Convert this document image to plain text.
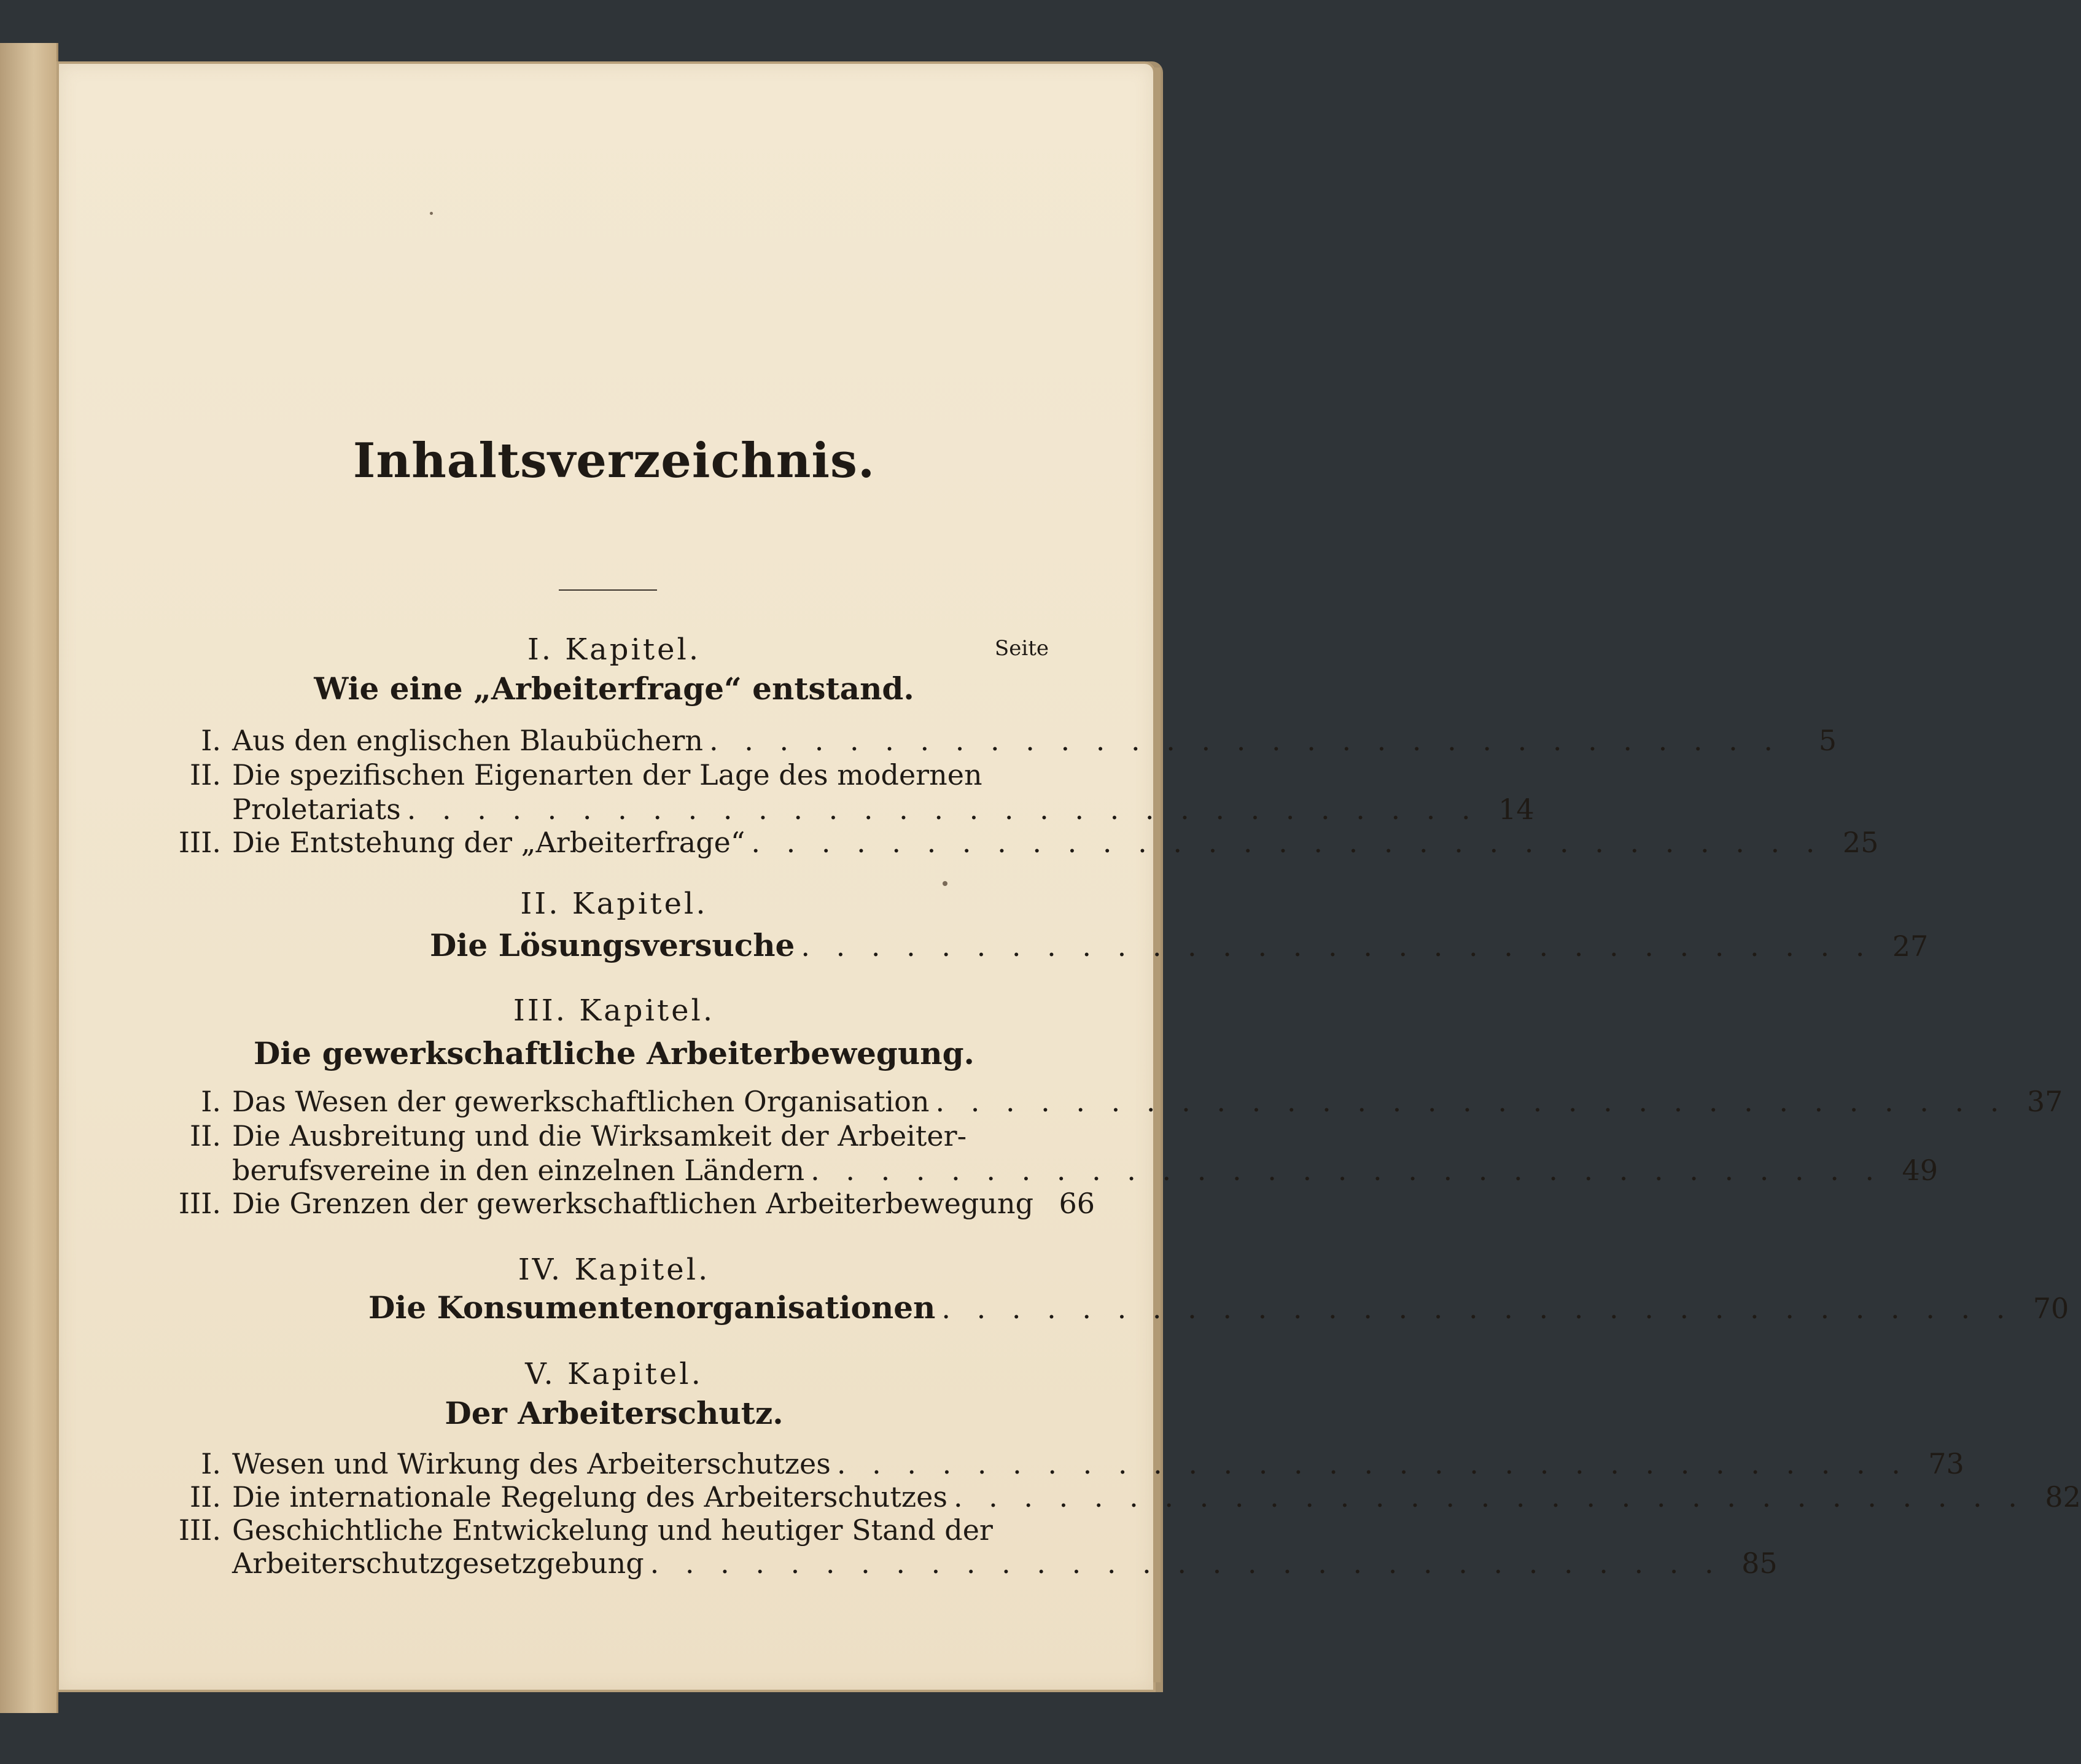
Inhaltsverzeichnis.
Seite
I. Kapitel.
Wie eine „Arbeiterfrage“ entstand.
I. Aus den englischen Blaubüchern . . . . . . . . . . . . . . . . . . . . . . . . . . . . . . .	5
II. Die spezifischen Eigenarten der Lage des modernen
Proletariats . . . . . . . . . . . . . . . . . . . . . . . . . . . . . . . 14
III. Die Entstehung der „Arbeiterfrage“ . . . . . . . . . . . . . . . . . . . . . . . . . . . . . . . 25
II. Kapitel.
Die Lösungsversuche . . . . . . . . . . . . . . . . . . . . . . . . . . . . . . . 27
III. Kapitel.
Die gewerkschaftliche Arbeiterbewegung.
I. Das Wesen der gewerkschaftlichen Organisation . . . . . . . . . . . . . . . . . . . . . . . . . . . . . . . 37
II. Die Ausbreitung und die Wirksamkeit der Arbeiter-
berufsvereine in den einzelnen Ländern . . . . . . . . . . . . . . . . . . . . . . . . . . . . . . . 49
III. Die Grenzen der gewerkschaftlichen Arbeiterbewegung 66
IV. Kapitel.
Die Konsumentenorganisationen . . . . . . . . . . . . . . . . . . . . . . . . . . . . . . . 70
V. Kapitel.
Der Arbeiterschutz.
I. Wesen und Wirkung des Arbeiterschutzes . . . . . . . . . . . . . . . . . . . . . . . . . . . . . . . 73
II. Die internationale Regelung des Arbeiterschutzes . . . . . . . . . . . . . . . . . . . . . . . . . . . . . . . 82
III. Geschichtliche Entwickelung und heutiger Stand der
Arbeiterschutzgesetzgebung . . . . . . . . . . . . . . . . . . . . . . . . . . . . . . . 85
